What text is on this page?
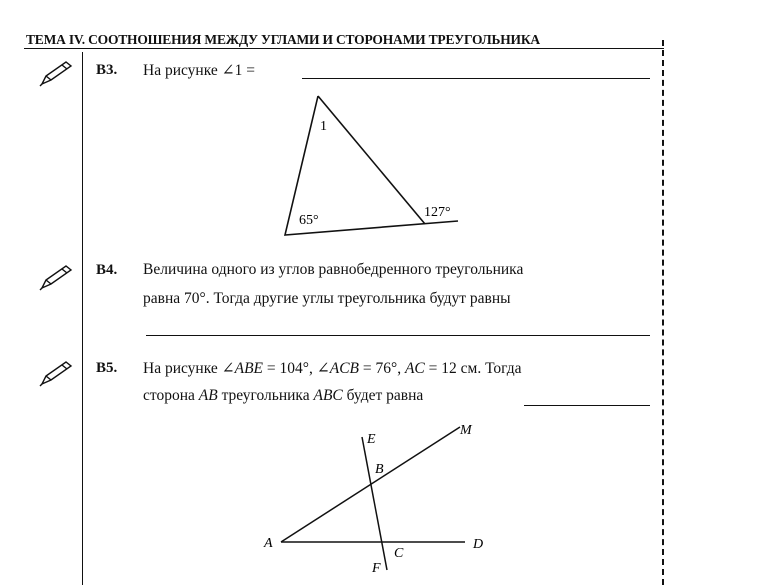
ТЕМА IV. СООТНОШЕНИЯ МЕЖДУ УГЛАМИ И СТОРОНАМИ ТРЕУГОЛЬНИКА
B3. На рисунке ∠1 =
1
65°
127°
B4. Величина одного из углов равнобедренного треугольника
равна 70°. Тогда другие углы треугольника будут равны
B5. На рисунке ∠ABE = 104°, ∠ACB = 76°, AC = 12 см. Тогда
сторона AB треугольника ABC будет равна
E
M
B
A	D
C
F
